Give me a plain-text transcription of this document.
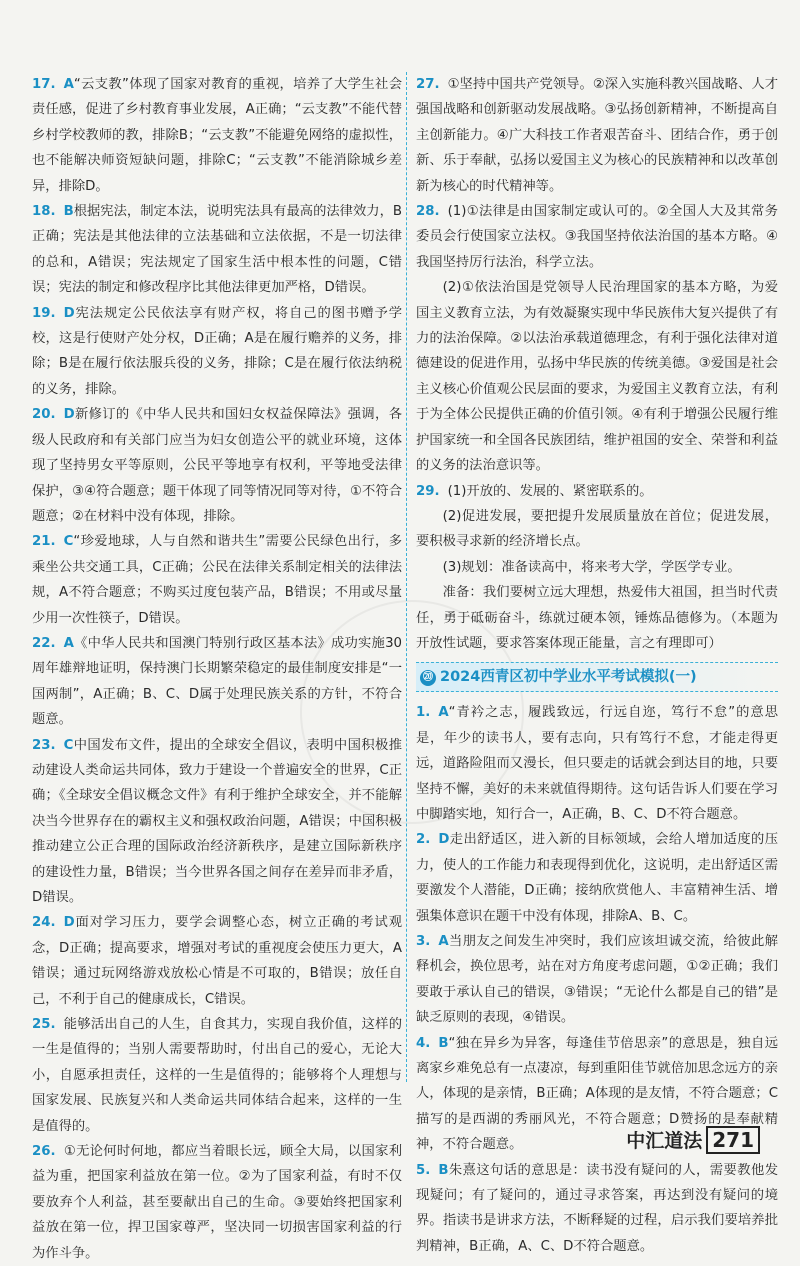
17. A“云支教”体现了国家对教育的重视，培养了大学生社会责任感，促进了乡村教育事业发展，A正确；“云支教”不能代替乡村学校教师的教，排除B；“云支教”不能避免网络的虚拟性，也不能解决师资短缺问题，排除C；“云支教”不能消除城乡差异，排除D。
18. B根据宪法，制定本法，说明宪法具有最高的法律效力，B正确；宪法是其他法律的立法基础和立法依据，不是一切法律的总和，A错误；宪法规定了国家生活中根本性的问题，C错误；宪法的制定和修改程序比其他法律更加严格，D错误。
19. D宪法规定公民依法享有财产权，将自己的图书赠予学校，这是行使财产处分权，D正确；A是在履行赡养的义务，排除；B是在履行依法服兵役的义务，排除；C是在履行依法纳税的义务，排除。
20. D新修订的《中华人民共和国妇女权益保障法》强调，各级人民政府和有关部门应当为妇女创造公平的就业环境，这体现了坚持男女平等原则，公民平等地享有权利，平等地受法律保护，③④符合题意；题干体现了同等情况同等对待，①不符合题意；②在材料中没有体现，排除。
21. C“珍爱地球，人与自然和谐共生”需要公民绿色出行，多乘坐公共交通工具，C正确；公民在法律关系制定相关的法律法规，A不符合题意；不购买过度包装产品，B错误；不用或尽量少用一次性筷子，D错误。
22. A《中华人民共和国澳门特别行政区基本法》成功实施30周年雄辩地证明，保持澳门长期繁荣稳定的最佳制度安排是“一国两制”，A正确；B、C、D属于处理民族关系的方针，不符合题意。
23. C中国发布文件，提出的全球安全倡议，表明中国积极推动建设人类命运共同体，致力于建设一个普遍安全的世界，C正确；《全球安全倡议概念文件》有利于维护全球安全，并不能解决当今世界存在的霸权主义和强权政治问题，A错误；中国积极推动建立公正合理的国际政治经济新秩序，是建立国际新秩序的建设性力量，B错误；当今世界各国之间存在差异而非矛盾，D错误。
24. D面对学习压力，要学会调整心态，树立正确的考试观念，D正确；提高要求，增强对考试的重视度会使压力更大，A错误；通过玩网络游戏放松心情是不可取的，B错误；放任自己，不利于自己的健康成长，C错误。
25. 能够活出自己的人生，自食其力，实现自我价值，这样的一生是值得的；当别人需要帮助时，付出自己的爱心，无论大小，自愿承担责任，这样的一生是值得的；能够将个人理想与国家发展、民族复兴和人类命运共同体结合起来，这样的一生是值得的。
26. ①无论何时何地，都应当着眼长远，顾全大局，以国家利益为重，把国家利益放在第一位。②为了国家利益，有时不仅要放弃个人利益，甚至要献出自己的生命。③要始终把国家利益放在第一位，捍卫国家尊严，坚决同一切损害国家利益的行为作斗争。
27. ①坚持中国共产党领导。②深入实施科教兴国战略、人才强国战略和创新驱动发展战略。③弘扬创新精神，不断提高自主创新能力。④广大科技工作者艰苦奋斗、团结合作，勇于创新、乐于奉献，弘扬以爱国主义为核心的民族精神和以改革创新为核心的时代精神等。
28. (1)①法律是由国家制定或认可的。②全国人大及其常务委员会行使国家立法权。③我国坚持依法治国的基本方略。④我国坚持厉行法治，科学立法。
(2)①依法治国是党领导人民治理国家的基本方略，为爱国主义教育立法，为有效凝聚实现中华民族伟大复兴提供了有力的法治保障。②以法治承载道德理念，有利于强化法律对道德建设的促进作用，弘扬中华民族的传统美德。③爱国是社会主义核心价值观公民层面的要求，为爱国主义教育立法，有利于为全体公民提供正确的价值引领。④有利于增强公民履行维护国家统一和全国各民族团结，维护祖国的安全、荣誉和利益的义务的法治意识等。
29. (1)开放的、发展的、紧密联系的。
(2)促进发展，要把提升发展质量放在首位；促进发展，要积极寻求新的经济增长点。
(3)规划：准备读高中，将来考大学，学医学专业。
准备：我们要树立远大理想，热爱伟大祖国，担当时代责任，勇于砥砺奋斗，练就过硬本领，锤炼品德修为。（本题为开放性试题，要求答案体现正能量，言之有理即可）
⑳ 2024西青区初中学业水平考试模拟(一)
1. A“青衿之志，履践致远，行远自迩，笃行不怠”的意思是，年少的读书人，要有志向，只有笃行不怠，才能走得更远，道路险阻而又漫长，但只要走的话就会到达目的地，只要坚持不懈，美好的未来就值得期待。这句话告诉人们要在学习中脚踏实地，知行合一，A正确，B、C、D不符合题意。
2. D走出舒适区，进入新的目标领域，会给人增加适度的压力，使人的工作能力和表现得到优化，这说明，走出舒适区需要激发个人潜能，D正确；接纳欣赏他人、丰富精神生活、增强集体意识在题干中没有体现，排除A、B、C。
3. A当朋友之间发生冲突时，我们应该坦诚交流，给彼此解释机会，换位思考，站在对方角度考虑问题，①②正确；我们要敢于承认自己的错误，③错误；“无论什么都是自己的错”是缺乏原则的表现，④错误。
4. B“独在异乡为异客，每逢佳节倍思亲”的意思是，独自远离家乡难免总有一点凄凉，每到重阳佳节就倍加思念远方的亲人，体现的是亲情，B正确；A体现的是友情，不符合题意；C描写的是西湖的秀丽风光，不符合题意；D赞扬的是奉献精神，不符合题意。
5. B朱熹这句话的意思是：读书没有疑问的人，需要教他发现疑问；有了疑问的，通过寻求答案，再达到没有疑问的境界。指读书是讲求方法，不断释疑的过程，启示我们要培养批判精神，B正确，A、C、D不符合题意。
中汇道法 271
